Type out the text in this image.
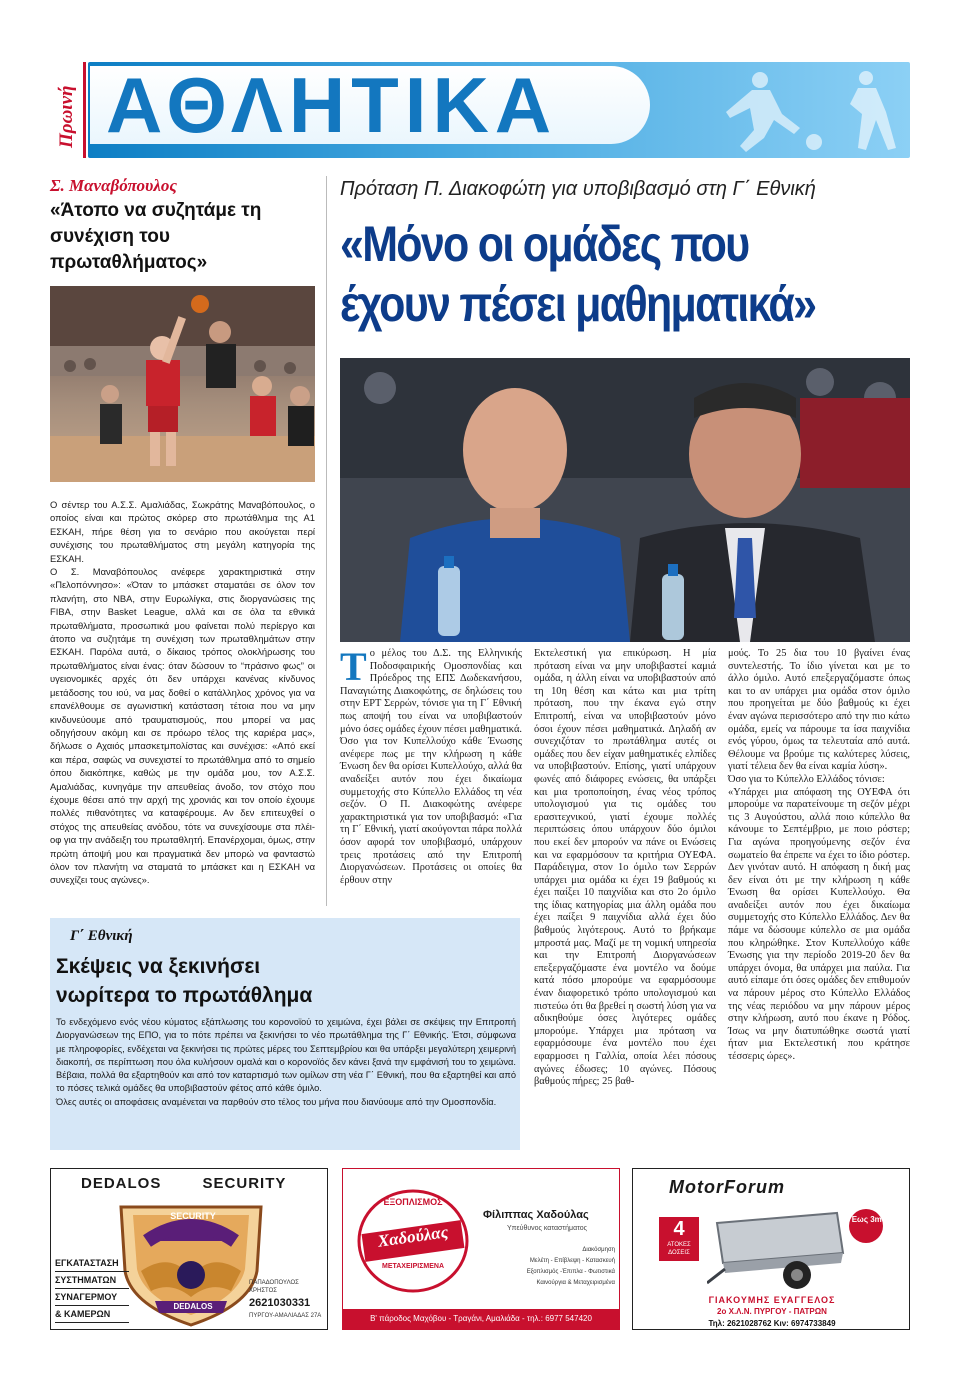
Πρωινή ΑΘΛΗΤΙΚΑ
Σ. Μαναβόπουλος
«Άτοπο να συζητάμε τη συνέχιση του πρωταθλήματος»

Ο σέντερ του Α.Σ.Σ. Αμαλιάδας, Σωκράτης Μαναβόπουλος, ο οποίος είναι και πρώτος σκόρερ στο πρωτάθλημα της Α1 ΕΣΚΑΗ, πήρε θέση για το σενάριο που ακούγεται περί συνέχισης του πρωταθλήματος στη μεγάλη κατηγορία της ΕΣΚΑΗ.

Ο Σ. Μαναβόπουλος ανέφερε χαρακτηριστικά στην «Πελοπόννησο»: «Όταν το μπάσκετ σταματάει σε όλον τον πλανήτη, στο NBA, στην Ευρωλίγκα, στις διοργανώσεις της FIBA, στην Basket League, αλλά και σε όλα τα εθνικά πρωταθλήματα, προσωπικά μου φαίνεται πολύ περίεργο και άτοπο να συζητάμε τη συνέχιση των πρωταθλημάτων στην ΕΣΚΑΗ. Παρόλα αυτά, ο δίκαιος τρόπος ολοκλήρωσης του πρωταθλήματος είναι ένας: όταν δώσουν το “πράσινο φως” οι υγειονομικές αρχές ότι δεν υπάρχει κανένας κίνδυνος μετάδοσης του ιού, να μας δοθεί ο κατάλληλος χρόνος για να επανέλθουμε σε αγωνιστική κατάσταση τέτοια που να μην κινδυνεύουμε από τραυματισμούς, που μπορεί να μας οδηγήσουν ακόμη και σε πρόωρο τέλος της καριέρα μας», δήλωσε ο Αχαιός μπασκετμπολίστας και συνέχισε: «Από εκεί και πέρα, σαφώς να συνεχιστεί το πρωτάθλημα από το σημείο όπου διακόπηκε, καθώς με την ομάδα μου, τον Α.Σ.Σ. Αμαλιάδας, κυνηγάμε την απευθείας άνοδο, τον στόχο που έχουμε θέσει από την αρχή της χρονιάς και τον οποίο έχουμε πολλές πιθανότητες να καταφέρουμε. Αν δεν επιτευχθεί ο στόχος της απευθείας ανόδου, τότε να συνεχίσουμε στα πλέι-οφ για την ανάδειξη του πρωταθλητή. Επανέρχομαι, όμως, στην πρώτη άποψή μου και πραγματικά δεν μπορώ να φανταστώ όλον τον πλανήτη να σταματά το μπάσκετ και η ΕΣΚΑΗ να συνεχίζει τους αγώνες».

Πρόταση Π. Διακοφώτη για υποβιβασμό στη Γ΄ Εθνική
«Μόνο οι ομάδες που
έχουν πέσει μαθηματικά»
Τ ο μέλος του Δ.Σ. της Ελληνικής Ποδοσφαιρικής Ομοσπονδίας και Πρόεδρος της ΕΠΣ Δωδεκανήσου, Παναγιώτης Διακοφώτης, σε δηλώσεις του στην ΕΡΤ Σερρών, τόνισε για τη Γ΄ Εθνική πως αποψή του είναι να υποβιβαστούν μόνο όσες ομάδες έχουν πέσει μαθηματικά. Όσο για τον Κυπελλούχο κάθε Ένωσης ανέφερε πως με την κλήρωση η κάθε Ένωση δεν θα ορίσει Κυπελλούχο, αλλά θα αναδείξει αυτόν που έχει δικαίωμα συμμετοχής στο Κύπελλο Ελλάδος τη νέα σεζόν. Ο Π. Διακοφώτης ανέφερε χαρακτηριστικά για τον υποβιβασμό: «Για τη Γ΄ Εθνική, γιατί ακούγονται πάρα πολλά όσον αφορά τον υποβιβασμό, υπάρχουν τρεις προτάσεις από την Επιτροπή Διοργανώσεων. Προτάσεις οι οποίες θα έρθουν στην

Εκτελεστική για επικύρωση. Η μία πρόταση είναι να μην υποβιβαστεί καμιά ομάδα, η άλλη είναι να υποβιβαστούν από τη 10η θέση και κάτω και μια τρίτη πρόταση, που την έκανα εγώ στην Επιτροπή, είναι να υποβιβαστούν μόνο όσοι έχουν πέσει μαθηματικά. Δηλαδή αν συνεχιζόταν το πρωτάθλημα αυτές οι ομάδες που δεν είχαν μαθηματικές ελπίδες να υποβιβαστούν. Επίσης, γιατί υπάρχουν φωνές από διάφορες ενώσεις, θα υπάρξει και μια τροποποίηση, ένας νέος τρόπος υπολογισμού για τις ομάδες του ερασιτεχνικού, γιατί έχουμε πολλές περιπτώσεις όπου υπάρχουν δύο όμιλοι που εκεί δεν μπορούν να πάνε οι Ενώσεις και να εφαρμόσουν τα κριτήρια ΟΥΕΦΑ. Παράδειγμα, στον 1ο όμιλο των Σερρών υπάρχει μια ομάδα κι έχει 19 βαθμούς κι έχει παίξει 10 παιχνίδια και στο 2ο όμιλο της ίδιας κατηγορίας μια άλλη ομάδα που έχει παίξει 9 παιχνίδια αλλά έχει δύο βαθμούς λιγότερους. Αυτό το βρήκαμε μπροστά μας. Μαζί με τη νομική υπηρεσία και την Επιτροπή Διοργανώσεων επεξεργαζόμαστε ένα μοντέλο να δούμε κατά πόσο μπορούμε να εφαρμόσουμε έναν διαφορετικό τρόπο υπολογισμού και πιστεύω ότι θα βρεθεί η σωστή λύση για να αδικηθούμε όσες λιγότερες ομάδες μπορούμε. Υπάρχει μια πρόταση να εφαρμόσουμε ένα μοντέλο που έχει εφαρμοσει η Γαλλία, οποία λέει πόσους αγώνες έδωσες; 10 αγώνες. Πόσους βαθμούς πήρες; 25 βαθ-

μούς. Το 25 δια του 10 βγαίνει ένας συντελεστής. Το ίδιο γίνεται και με το άλλο όμιλο. Αυτό επεξεργαζόμαστε όπως και το αν υπάρχει μια ομάδα στον όμιλο που προηγείται με δύο βαθμούς κι έχει έναν αγώνα περισσότερο από την πιο κάτω ομάδα, εμείς να πάρουμε τα ίσα παιχνίδια ενός γύρου, όμως τα τελευταία από αυτά. Θέλουμε να βρούμε τις καλύτερες λύσεις, γιατί τέλεια δεν θα είναι καμία λύση».

Όσο για το Κύπελλο Ελλάδος τόνισε:

«Υπάρχει μια απόφαση της ΟΥΕΦΑ ότι μπορούμε να παρατείνουμε τη σεζόν μέχρι τις 3 Αυγούστου, αλλά ποιο κύπελλο θα κάνουμε το Σεπτέμβριο, με ποιο ρόστερ; Για αγώνα προηγούμενης σεζόν ένα σωματείο θα έπρεπε να έχει το ίδιο ρόστερ. Δεν γινόταν αυτό. Η απόφαση η δική μας δεν είναι ότι με την κλήρωση η κάθε Ένωση θα ορίσει Κυπελλούχο. Θα αναδείξει αυτόν που έχει δικαίωμα συμμετοχής στο Κύπελλο Ελλάδος. Δεν θα πάμε να δώσουμε κύπελλο σε μια ομάδα που κληρώθηκε. Στον Κυπελλούχο κάθε Ένωσης για την περίοδο 2019-20 δεν θα υπάρχει όνομα, θα υπάρχει μια παύλα. Για αυτό είπαμε ότι όσες ομάδες δεν επιθυμούν να πάρουν μέρος στο Κύπελλο Ελλάδος της νέας περιόδου να μην πάρουν μέρος στην κλήρωση, αυτό που έκανε η Ρόδος. Ίσως να μην διατυπώθηκε σωστά γιατί ήταν μια Εκτελεστική που κράτησε τέσσερις ώρες».

Γ΄ Εθνική
Σκέψεις να ξεκινήσει
νωρίτερα το πρωτάθλημα

Το ενδεχόμενο ενός νέου κύματος εξάπλωσης του κορονοϊού το χειμώνα, έχει βάλει σε σκέψεις την Επιτροπή Διοργανώσεων της ΕΠΟ, για το πότε πρέπει να ξεκινήσει το νέο πρωτάθλημα της Γ΄ Εθνικής. Έτσι, σύμφωνα με πληροφορίες, ενδέχεται να ξεκινήσει τις πρώτες μέρες του Σεπτεμβρίου και θα υπάρξει μεγαλύτερη χειμερινή διακοπή, σε περίπτωση που όλα κυλήσουν ομαλά και ο κορονοϊός δεν κάνει ξανά την εμφάνισή του το χειμώνα. Βέβαια, πολλά θα εξαρτηθούν και από τον καταρτισμό των ομίλων στη νέα Γ΄ Εθνική, που θα εξαρτηθεί και από το πόσες τελικά ομάδες θα υποβιβαστούν φέτος από κάθε όμιλο.

Όλες αυτές οι αποφάσεις αναμένεται να παρθούν στο τέλος του μήνα που διανύουμε από την Ομοσπονδία.

DEDALOS	SECURITY
SECURITY
DEDALOS
ΕΓΚΑΤΑΣΤΑΣΗ
ΣΥΣΤΗΜΑΤΩΝ
ΣΥΝΑΓΕΡΜΟΥ
& ΚΑΜΕΡΩΝ
ΠΑΠΑΔΟΠΟΥΛΟΣ ΧΡΗΣΤΟΣ
2621030331
ΠΥΡΓΟΥ-ΑΜΑΛΙΑΔΑΣ 27Α
ΕΞΟΠΛΙΣΜΟΣ
Χαδούλας
ΜΕΤΑΧΕΙΡΙΣΜΕΝΑ
Φίλιππας Χαδούλας
Υπεύθυνος καταστήματος
Διακόσμηση
Μελέτη - Επίβλεψη - Κατασκευή
Εξοπλισμός -Έπιπλα - Φωτιστικά
Καινούργια & Μεταχειρισμένα
Β' πάροδος Μαχόβου - Τραγάνι, Αμαλιάδα - τηλ.: 6977 547420
MotorForum
4
ΑΤΟΚΕΣ ΔΟΣΕΙΣ
Έως 3m
ΓΙΑΚΟΥΜΗΣ ΕΥΑΓΓΕΛΟΣ
2ο Χ.Λ.Ν. ΠΥΡΓΟΥ - ΠΑΤΡΩΝ
Τηλ: 2621028762 Κιν: 6974733849
